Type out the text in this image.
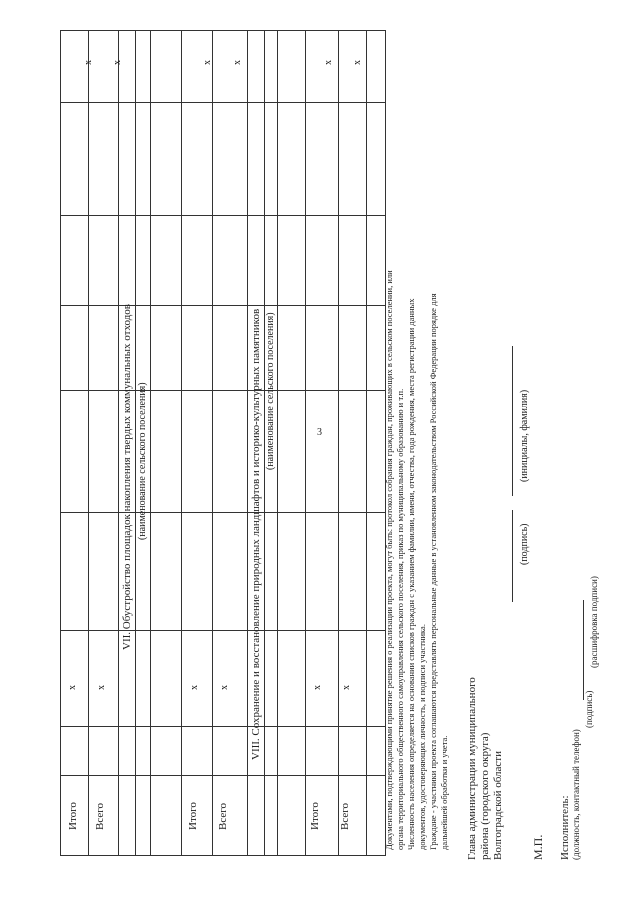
3
Итого Всего
x x
x x
VII. Обустройство площадок накопления твердых коммунальных отходов (наименование сельского поселения)
Итого Всего
x x
x x
VIII. Сохранение и восстановление природных ландшафтов и историко-культурных памятников (наименование сельского поселения)
Итого Всего
x x
x x
Документами, подтверждающими принятие решения о реализации проекта, могут быть: протокол собрания граждан, проживающих в сельском поселении, или органа территориального общественного самоуправления сельского поселения, приказ по муниципальному образованию и т.п. Численность населения определяется на основании списков граждан с указанием фамилии, имени, отчества, года рождения, места регистрации данных документов, удостоверяющих личность, и подписи участника. Граждане - участники проекта соглашаются представлять персональные данные в установленном законодательством Российской Федерации порядке для дальнейшей обработки и учета. Глава администрации муниципального района (городского округа) Волгоградской области
(подпись)
(инициалы, фамилия)
М.П. Исполнитель: (должность, контактный телефон)
(подпись)
(расшифровка подписи)
